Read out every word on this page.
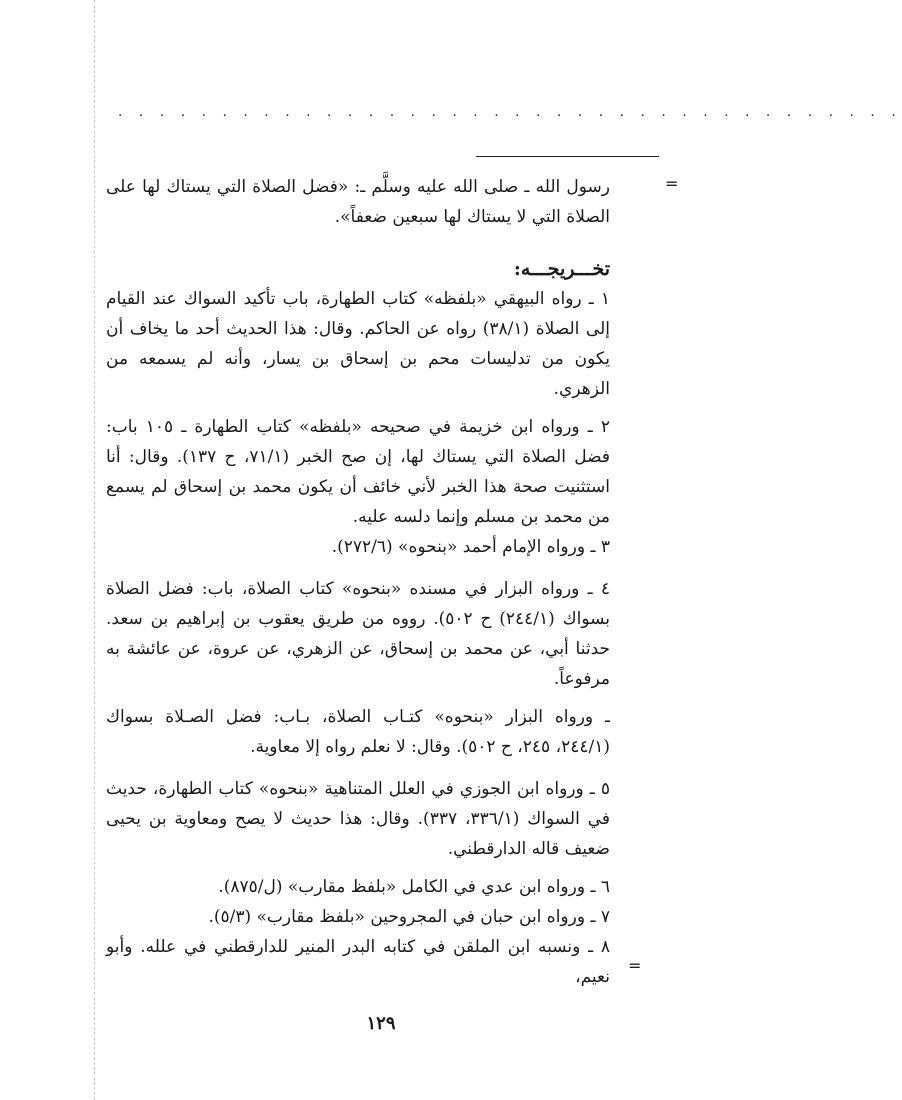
· · · · · · · · · · · · · · · · · · · · · · · · · · · · · · · · · · · · · ·
=
=

رسول الله ـ صلى الله عليه وسلَّم ـ: «فضل الصلاة التي يستاك لها على الصلاة التي لا يستاك لها سبعين ضعفاً».

تخـــريجـــه:

١ ـ رواه البيهقي «بلفظه» كتاب الطهارة، باب تأكيد السواك عند القيام إلى الصلاة (٣٨/١) رواه عن الحاكم. وقال: هذا الحديث أحد ما يخاف أن يكون من تدليسات محم بن إسحاق بن يسار، وأنه لم يسمعه من الزهري.

٢ ـ ورواه ابن خزيمة في صحيحه «بلفظه» كتاب الطهارة ـ ١٠٥ باب: فضل الصلاة التي يستاك لها، إن صح الخبر (٧١/١، ح ١٣٧). وقال: أنا استثنيت صحة هذا الخبر لأني خائف أن يكون محمد بن إسحاق لم يسمع من محمد بن مسلم وإنما دلسه عليه.

٣ ـ ورواه الإمام أحمد «بنحوه» (٢٧٢/٦).

٤ ـ ورواه البزار في مسنده «بنحوه» كتاب الصلاة، باب: فضل الصلاة بسواك (٢٤٤/١) ح ٥٠٢). رووه من طريق يعقوب بن إبراهيم بن سعد. حدثنا أبي، عن محمد بن إسحاق، عن الزهري، عن عروة، عن عائشة به مرفوعاً.

ـ ورواه البزار «بنحوه» كتـاب الصلاة، بـاب: فضل الصـلاة بسواك (٢٤٤/١، ٢٤٥، ح ٥٠٢). وقال: لا نعلم رواه إلا معاوية.

٥ ـ ورواه ابن الجوزي في العلل المتناهية «بنحوه» كتاب الطهارة، حديث في السواك (٣٣٦/١، ٣٣٧). وقال: هذا حديث لا يصح ومعاوية بن يحيى ضعيف قاله الدارقطني.

٦ ـ ورواه ابن عدي في الكامل «بلفظ مقارب» (ل/٨٧٥).

٧ ـ ورواه ابن حبان في المجروحين «بلفظ مقارب» (٥/٣).

٨ ـ ونسبه ابن الملقن في كتابه البدر المنير للدارقطني في علله. وأبو نعيم،

١٢٩
